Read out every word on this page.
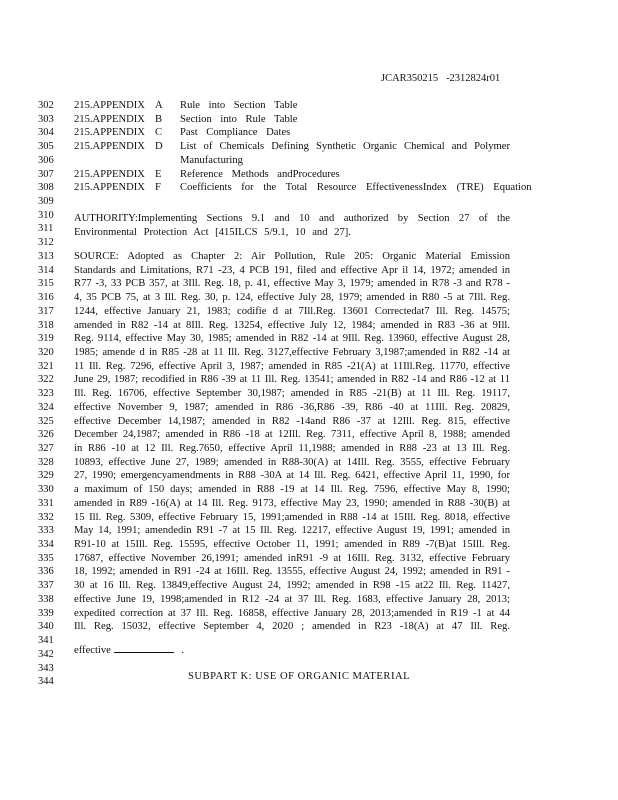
JCAR350215 -2312824r01
302
303
304
305
306
307
308
309
310
311
312
313
314
315
316
317
318
319
320
321
322
323
324
325
326
327
328
329
330
331
332
333
334
335
336
337
338
339
340
341
342
343
344
215.APPENDIX A Rule into Section Table
215.APPENDIX B Section into Rule Table
215.APPENDIX C Past Compliance Dates
215.APPENDIX D List of Chemicals Defining Synthetic Organic Chemical and Polymer
Manufacturing
215.APPENDIX E Reference Methods andProcedures
215.APPENDIX F Coefficients for the Total Resource EffectivenessIndex (TRE) Equation
AUTHORITY:Implementing Sections 9.1 and 10 and authorized by Section 27 of the
Environmental Protection Act [415ILCS 5/9.1, 10 and 27].
SOURCE: Adopted as Chapter 2: Air Pollution, Rule 205: Organic Material Emission
Standards and Limitations, R71 -23, 4 PCB 191, filed and effective Apr il 14, 1972; amended in
R77 -3, 33 PCB 357, at 3Ill. Reg. 18, p. 41, effective May 3, 1979; amended in R78 -3 and R78 -
4, 35 PCB 75, at 3 Ill. Reg. 30, p. 124, effective July 28, 1979; amended in R80 -5 at 7Ill. Reg.
1244, effective January 21, 1983; codifie d at 7Ill.Reg. 13601 Correctedat7 Ill. Reg. 14575;
amended in R82 -14 at 8Ill. Reg. 13254, effective July 12, 1984; amended in R83 -36 at 9Ill.
Reg. 9114, effective May 30, 1985; amended in R82 -14 at 9Ill. Reg. 13960, effective August 28,
1985; amende d in R85 -28 at 11 Ill. Reg. 3127,effective February 3,1987;amended in R82 -14 at
11 Ill. Reg. 7296, effective April 3, 1987; amended in R85 -21(A) at 11Ill.Reg. 11770, effective
June 29, 1987; recodified in R86 -39 at 11 Ill. Reg. 13541; amended in R82 -14 and R86 -12 at 11
Ill. Reg. 16706, effective September 30,1987; amended in R85 -21(B) at 11 Ill. Reg. 19117,
effective November 9, 1987; amended in R86 -36,R86 -39, R86 -40 at 11Ill. Reg. 20829,
effective December 14,1987; amended in R82 -14and R86 -37 at 12Ill. Reg. 815, effective
December 24,1987; amended in R86 -18 at 12Ill. Reg. 7311, effective April 8, 1988; amended
in R86 -10 at 12 Ill. Reg.7650, effective April 11,1988; amended in R88 -23 at 13 Ill. Reg.
10893, effective June 27, 1989; amended in R88-30(A) at 14Ill. Reg. 3555, effective February
27, 1990; emergencyamendments in R88 -30A at 14 Ill. Reg. 6421, effective April 11, 1990, for
a maximum of 150 days; amended in R88 -19 at 14 Ill. Reg. 7596, effective May 8, 1990;
amended in R89 -16(A) at 14 Ill. Reg. 9173, effective May 23, 1990; amended in R88 -30(B) at
15 Ill. Reg. 5309, effective February 15, 1991;amended in R88 -14 at 15Ill. Reg. 8018, effective
May 14, 1991; amendedin R91 -7 at 15 Ill. Reg. 12217, effective August 19, 1991; amended in
R91-10 at 15Ill. Reg. 15595, effective October 11, 1991; amended in R89 -7(B)at 15Ill. Reg.
17687, effective November 26,1991; amended inR91 -9 at 16Ill. Reg. 3132, effective February
18, 1992; amended in R91 -24 at 16Ill. Reg. 13555, effective August 24, 1992; amended in R91 -
30 at 16 Ill. Reg. 13849,effective August 24, 1992; amended in R98 -15 at22 Ill. Reg. 11427,
effective June 19, 1998;amended in R12 -24 at 37 Ill. Reg. 1683, effective January 28, 2013;
expedited correction at 37 Ill. Reg. 16858, effective January 28, 2013;amended in R19 -1 at 44
Ill. Reg. 15032, effective September 4, 2020 ; amended in R23 -18(A) at 47 Ill. Reg.
effective	.
SUBPART K: USE OF ORGANIC MATERIAL
